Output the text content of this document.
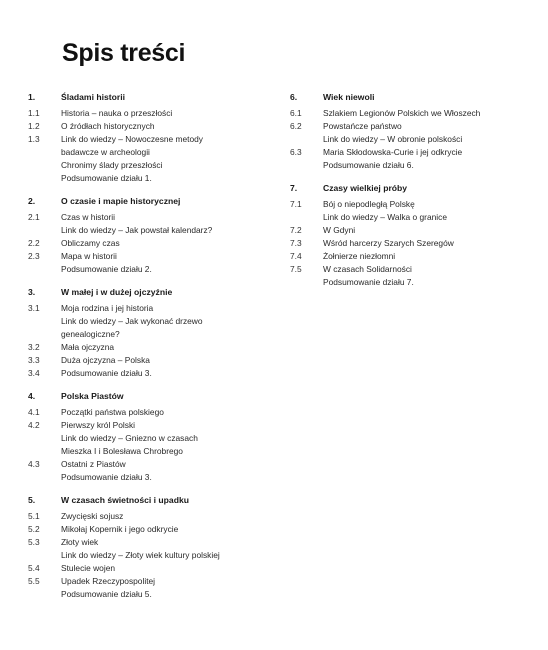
Spis treści
1.	Śladami historii
1.1	Historia – nauka o przeszłości
1.2	O źródłach historycznych
1.3	Link do wiedzy – Nowoczesne metody
badawcze w archeologii
Chronimy ślady przeszłości
Podsumowanie działu 1.
2.	O czasie i mapie historycznej
2.1	Czas w historii
Link do wiedzy – Jak powstał kalendarz?
2.2	Obliczamy czas
2.3	Mapa w historii
Podsumowanie działu 2.
3.	W małej i w dużej ojczyźnie
3.1	Moja rodzina i jej historia
Link do wiedzy – Jak wykonać drzewo
genealogiczne?
3.2	Mała ojczyzna
3.3	Duża ojczyzna – Polska
3.4	Podsumowanie działu 3.
4.	Polska Piastów
4.1	Początki państwa polskiego
4.2	Pierwszy król Polski
Link do wiedzy – Gniezno w czasach
Mieszka I i Bolesława Chrobrego
4.3	Ostatni z Piastów
Podsumowanie działu 3.
5.	W czasach świetności i upadku
5.1	Zwycięski sojusz
5.2	Mikołaj Kopernik i jego odkrycie
5.3	Złoty wiek
Link do wiedzy – Złoty wiek kultury polskiej
5.4	Stulecie wojen
5.5	Upadek Rzeczypospolitej
Podsumowanie działu 5.
6.	Wiek niewoli
6.1	Szlakiem Legionów Polskich we Włoszech
6.2	Powstańcze państwo
Link do wiedzy – W obronie polskości
6.3	Maria Skłodowska-Curie i jej odkrycie
Podsumowanie działu 6.
7.	Czasy wielkiej próby
7.1	Bój o niepodległą Polskę
Link do wiedzy – Walka o granice
7.2	W Gdyni
7.3	Wśród harcerzy Szarych Szeregów
7.4	Żołnierze niezłomni
7.5	W czasach Solidarności
Podsumowanie działu 7.
